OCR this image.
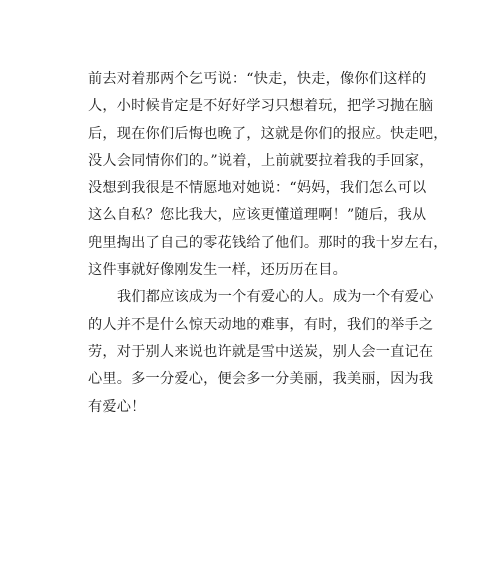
前去对着那两个乞丐说：“快走，快走，像你们这样的
人，小时候肯定是不好好学习只想着玩，把学习抛在脑
后，现在你们后悔也晚了，这就是你们的报应。快走吧，
没人会同情你们的。”说着，上前就要拉着我的手回家，
没想到我很是不情愿地对她说：“妈妈，我们怎么可以
这么自私？您比我大，应该更懂道理啊！”随后，我从
兜里掏出了自己的零花钱给了他们。那时的我十岁左右，
这件事就好像刚发生一样，还历历在目。
我们都应该成为一个有爱心的人。成为一个有爱心
的人并不是什么惊天动地的难事，有时，我们的举手之
劳，对于别人来说也许就是雪中送炭，别人会一直记在
心里。多一分爱心，便会多一分美丽，我美丽，因为我
有爱心！
